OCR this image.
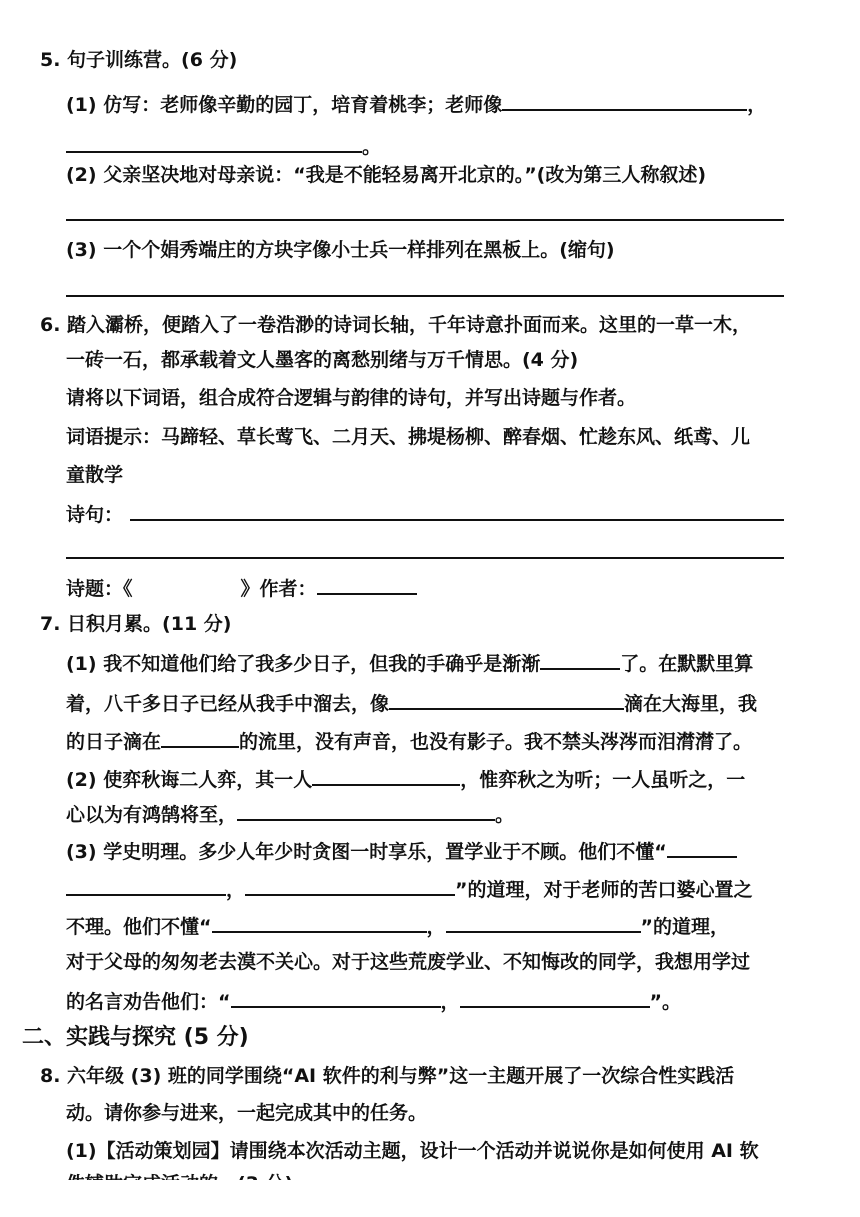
5. 句子训练营。(6 分)
(1) 仿写：老师像辛勤的园丁，培育着桃李；老师像	，
。
(2) 父亲坚决地对母亲说：“我是不能轻易离开北京的。”(改为第三人称叙述)
(3) 一个个娟秀端庄的方块字像小士兵一样排列在黑板上。(缩句)
6. 踏入灞桥，便踏入了一卷浩渺的诗词长轴，千年诗意扑面而来。这里的一草一木，
一砖一石，都承载着文人墨客的离愁别绪与万千情思。(4 分)
请将以下词语，组合成符合逻辑与韵律的诗句，并写出诗题与作者。
词语提示：马蹄轻、草长莺飞、二月天、拂堤杨柳、醉春烟、忙趁东风、纸鸢、儿
童散学
诗句：
诗题：《	》作者：
7. 日积月累。(11 分)
(1) 我不知道他们给了我多少日子，但我的手确乎是渐渐	了。在默默里算
着，八千多日子已经从我手中溜去，像	滴在大海里，我
的日子滴在	的流里，没有声音，也没有影子。我不禁头涔涔而泪潸潸了。
(2) 使弈秋诲二人弈，其一人	，惟弈秋之为听；一人虽听之，一
心以为有鸿鹄将至，	。
(3) 学史明理。多少人年少时贪图一时享乐，置学业于不顾。他们不懂“
，	”的道理，对于老师的苦口婆心置之
不理。他们不懂“	，	”的道理，
对于父母的匆匆老去漠不关心。对于这些荒废学业、不知悔改的同学，我想用学过
的名言劝告他们：“	，	”。
二、实践与探究 (5 分)
8. 六年级 (3) 班的同学围绕“AI 软件的利与弊”这一主题开展了一次综合性实践活
动。请你参与进来，一起完成其中的任务。
(1)【活动策划园】请围绕本次活动主题，设计一个活动并说说你是如何使用 AI 软
